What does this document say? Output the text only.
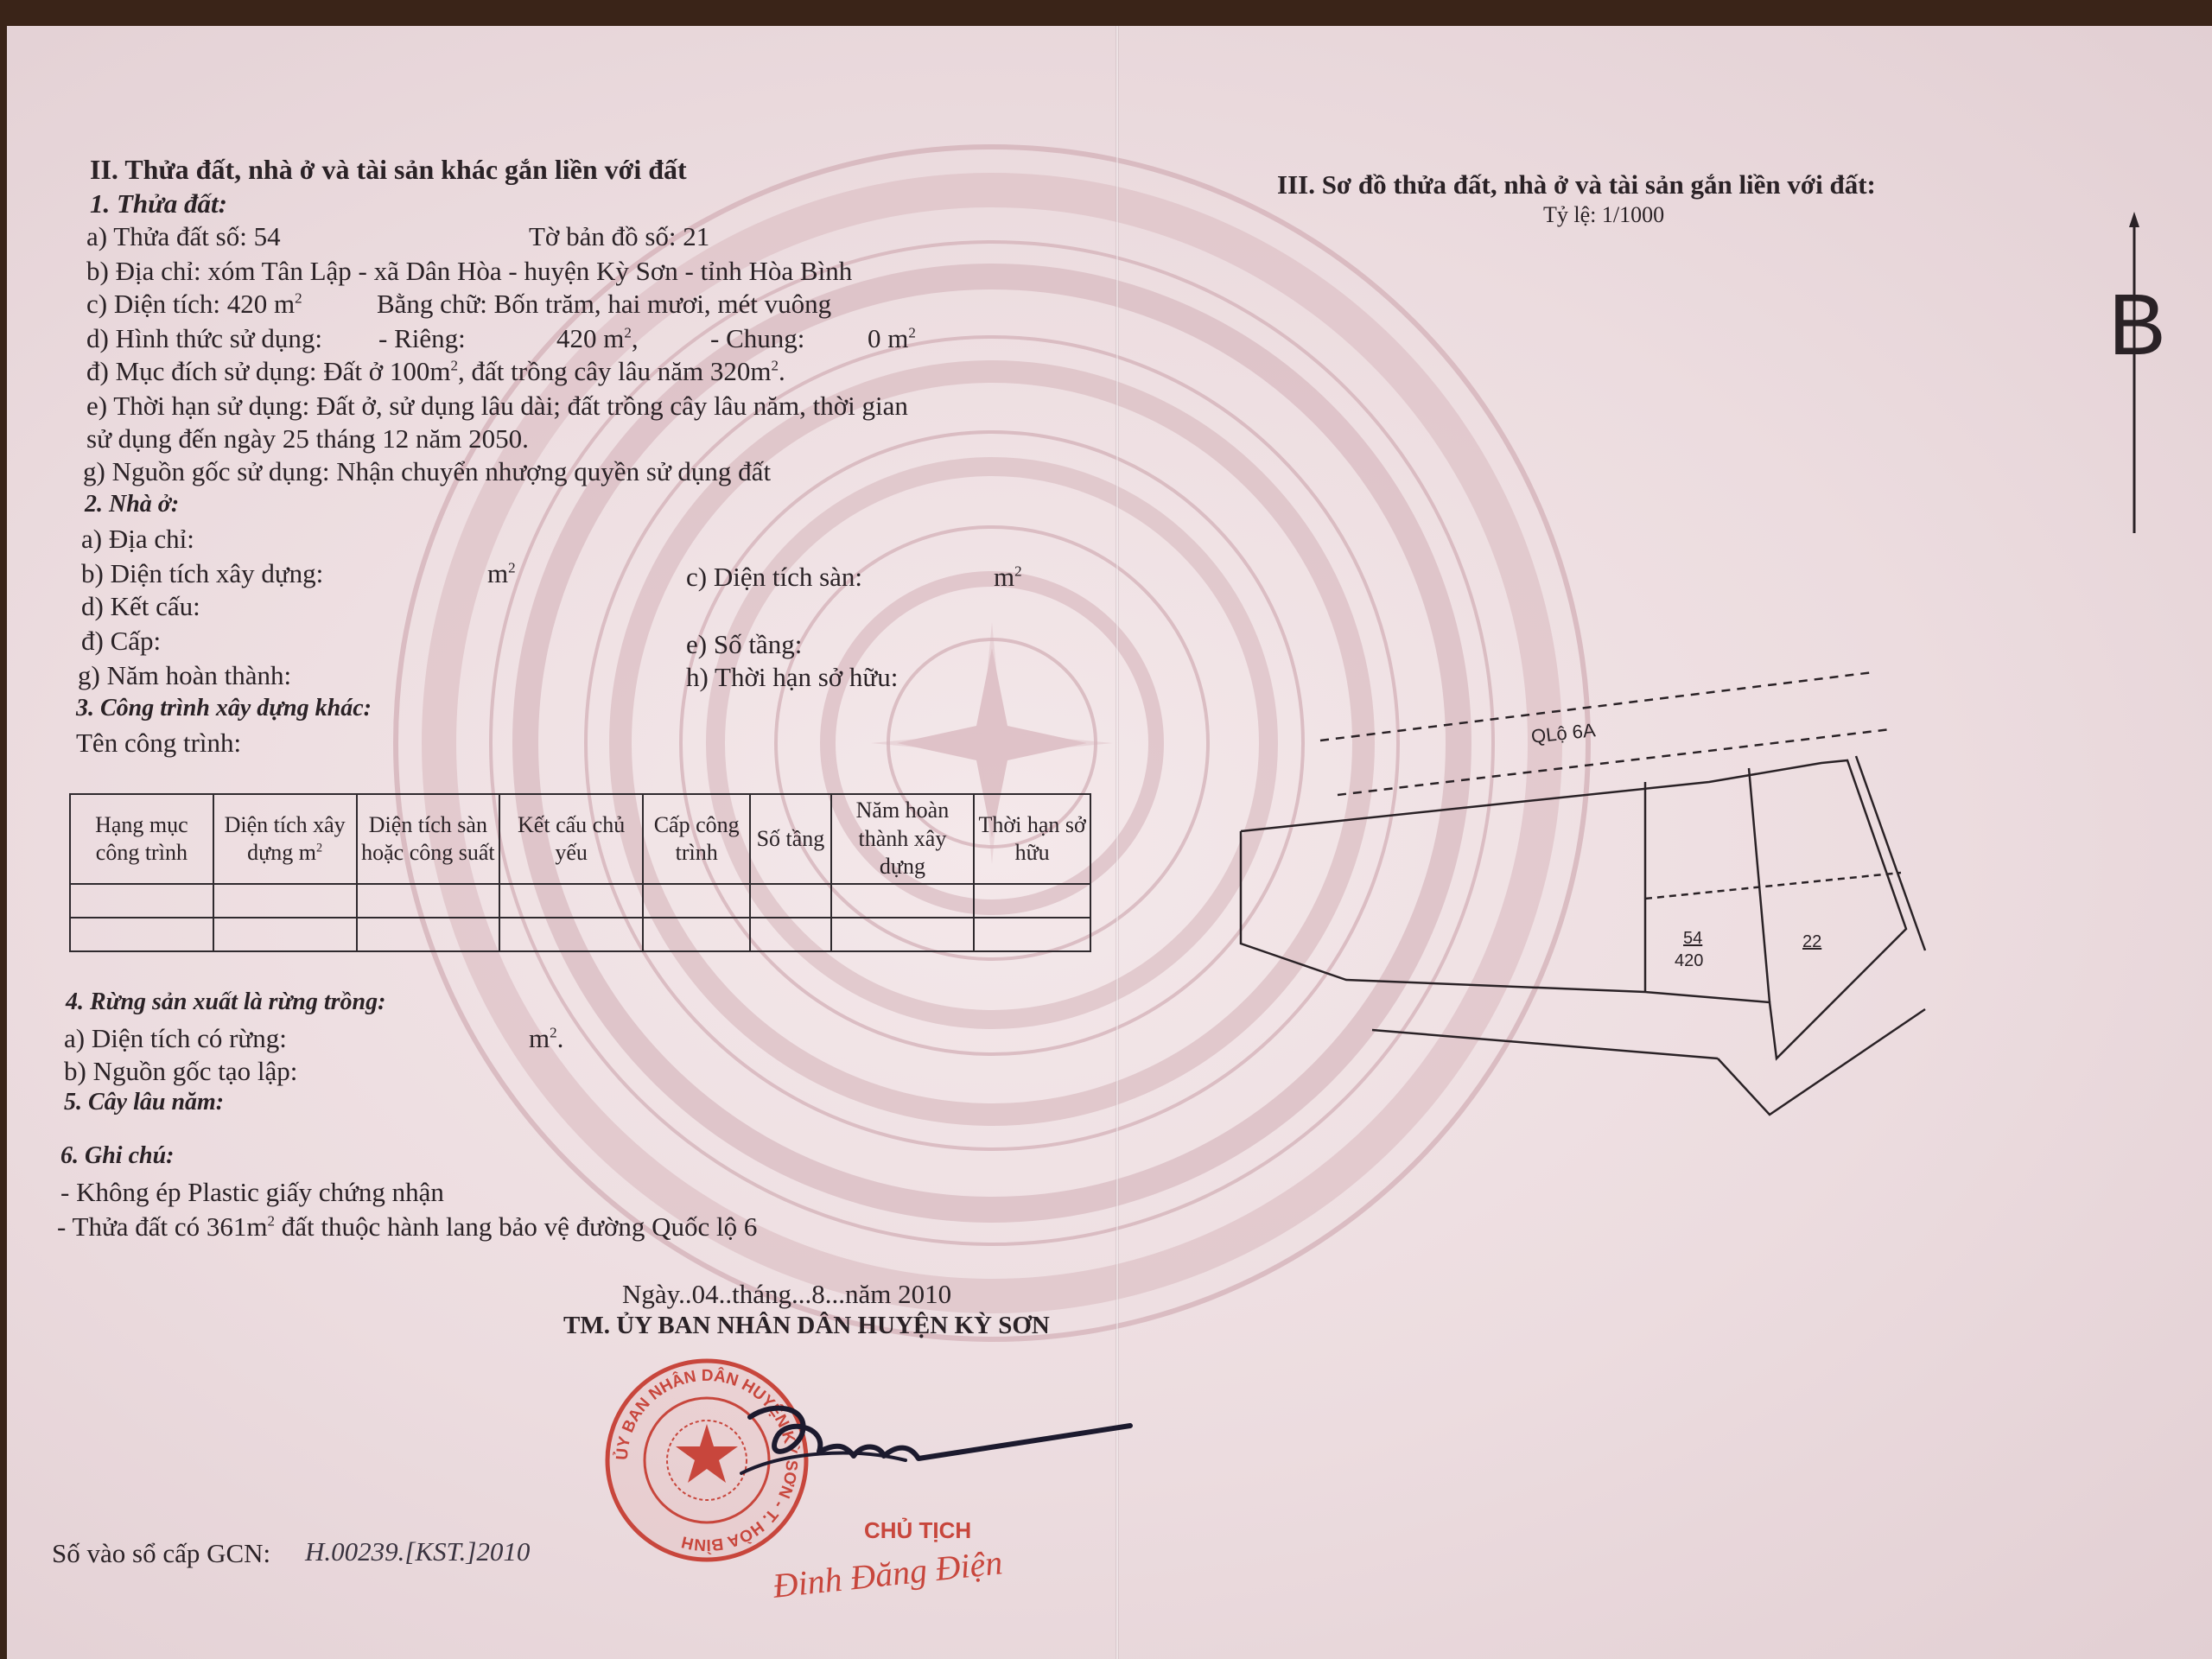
II. Thửa đất, nhà ở và tài sản khác gắn liền với đất
1. Thửa đất:
a) Thửa đất số: 54	Tờ bản đồ số: 21
b) Địa chỉ: xóm Tân Lập - xã Dân Hòa - huyện Kỳ Sơn - tỉnh Hòa Bình
c) Diện tích: 420 $m^2$	Bằng chữ: Bốn trăm, hai mươi, mét vuông
d) Hình thức sử dụng: - Riêng:	420 $m^2$,	- Chung: 0 $m^2$
đ) Mục đích sử dụng: Đất ở $100m^2$, đất trồng cây lâu năm $320m^2$.
e) Thời hạn sử dụng: Đất ở, sử dụng lâu dài; đất trồng cây lâu năm, thời gian
sử dụng đến ngày 25 tháng 12 năm 2050.
g) Nguồn gốc sử dụng: Nhận chuyển nhượng quyền sử dụng đất
2. Nhà ở:
a) Địa chỉ:
b) Diện tích xây dựng:	$m^2$	c) Diện tích sàn:	$m^2$
d) Kết cấu:
đ) Cấp:	e) Số tầng:
g) Năm hoàn thành:	h) Thời hạn sở hữu:
3. Công trình xây dựng khác:
Tên công trình:
Hạng mục công trình	Diện tích xây dựng $m^2$	Diện tích sàn hoặc công suất	Kết cấu chủ yếu	Cấp công trình	Số tầng	Năm hoàn thành xây dựng	Thời hạn sở hữu

4. Rừng sản xuất là rừng trồng:
a) Diện tích có rừng:	$m^2$.
b) Nguồn gốc tạo lập:
5. Cây lâu năm:
6. Ghi chú:
- Không ép Plastic giấy chứng nhận
- Thửa đất có $361m^2$ đất thuộc hành lang bảo vệ đường Quốc lộ 6
Ngày..04..tháng...8...năm 2010
TM. ỦY BAN NHÂN DÂN HUYỆN KỲ SƠN
ỦY BAN NHÂN DÂN HUYỆN KỲ SƠN - T. HÒA BÌNH	CHỦ TỊCH
Đinh Đăng Điện
Số vào sổ cấp GCN: H.00239.[KST.]2010
III. Sơ đồ thửa đất, nhà ở và tài sản gắn liền với đất:
Tỷ lệ: 1/1000
B
QLộ 6A
54
420
22
